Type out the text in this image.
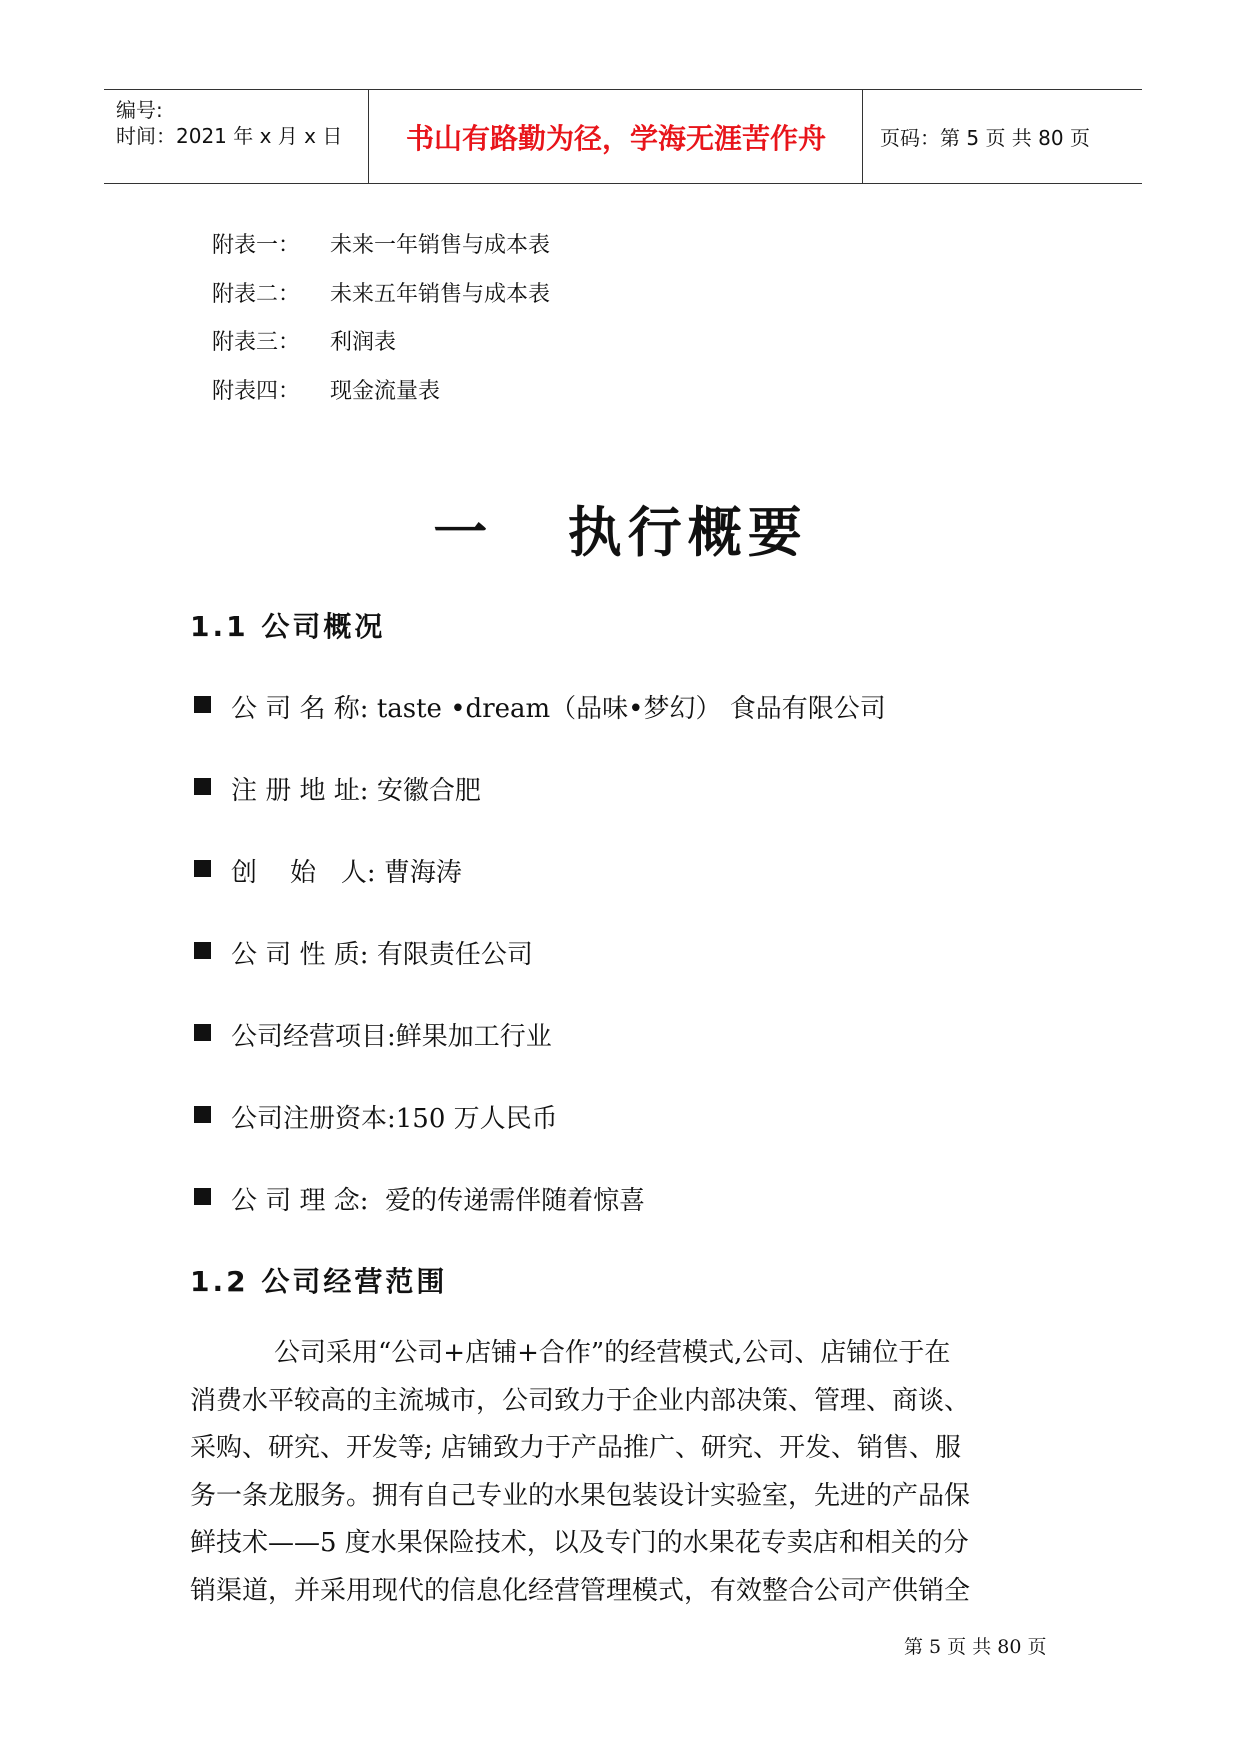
编号:
时间：2021 年 x 月 x 日 书山有路勤为径，学海无涯苦作舟	页码：第 5 页 共 80 页
附表一： 未来一年销售与成本表
附表二： 未来五年销售与成本表
附表三： 利润表
附表四： 现金流量表
一   执行概要
1.1 公司概况
公 司 名 称: taste •dream（品味•梦幻） 食品有限公司
注 册 地 址: 安徽合肥
创    始   人: 曹海涛
公 司 性 质: 有限责任公司
公司经营项目:鲜果加工行业
公司注册资本:150 万人民币
公 司 理 念:  爱的传递需伴随着惊喜
1.2 公司经营范围
公司采用“公司+店铺+合作”的经营模式,公司、店铺位于在
消费水平较高的主流城市，公司致力于企业内部决策、管理、商谈、
采购、研究、开发等; 店铺致力于产品推广、研究、开发、销售、服
务一条龙服务。拥有自己专业的水果包装设计实验室，先进的产品保
鲜技术——5 度水果保险技术，以及专门的水果花专卖店和相关的分
销渠道，并采用现代的信息化经营管理模式，有效整合公司产供销全
第 5 页 共 80 页
